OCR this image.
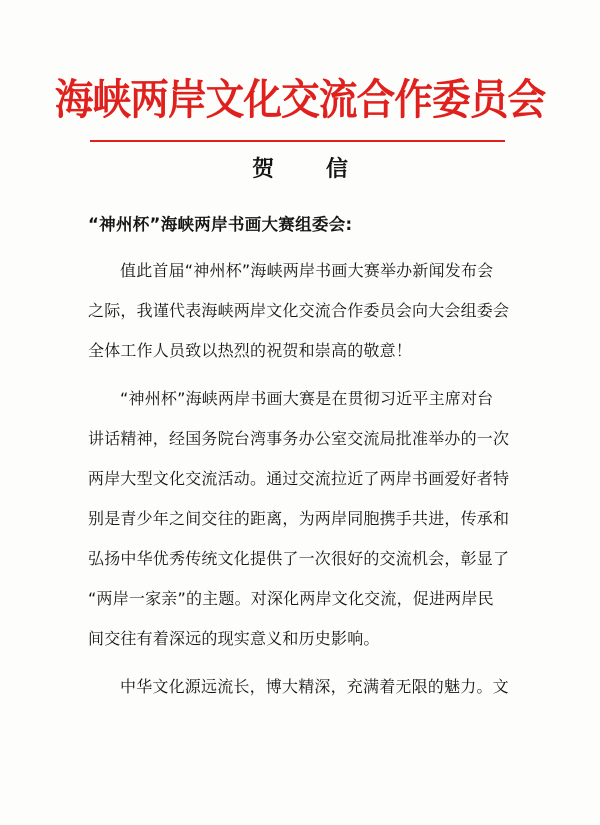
海峡两岸文化交流合作委员会
贺 信
“神州杯”海峡两岸书画大赛组委会:
值此首届“神州杯”海峡两岸书画大赛举办新闻发布会
之际，我谨代表海峡两岸文化交流合作委员会向大会组委会
全体工作人员致以热烈的祝贺和崇高的敬意！
“神州杯”海峡两岸书画大赛是在贯彻习近平主席对台
讲话精神，经国务院台湾事务办公室交流局批准举办的一次
两岸大型文化交流活动。通过交流拉近了两岸书画爱好者特
别是青少年之间交往的距离，为两岸同胞携手共进，传承和
弘扬中华优秀传统文化提供了一次很好的交流机会，彰显了
“两岸一家亲”的主题。对深化两岸文化交流，促进两岸民
间交往有着深远的现实意义和历史影响。
中华文化源远流长，博大精深，充满着无限的魅力。文
